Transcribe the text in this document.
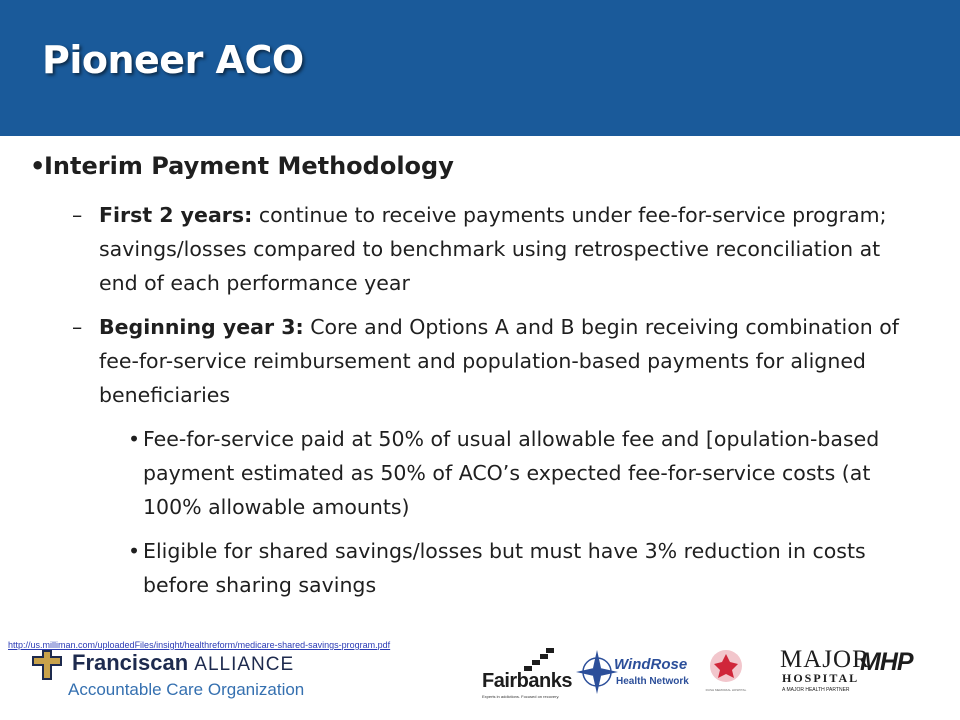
Pioneer ACO
•Interim Payment Methodology
– First 2 years: continue to receive payments under fee-for-service program; savings/losses compared to benchmark using retrospective reconciliation at end of each performance year
– Beginning year 3: Core and Options A and B begin receiving combination of fee-for-service reimbursement and population-based payments for aligned beneficiaries
• Fee-for-service paid at 50% of usual allowable fee and [opulation-based payment estimated as 50% of ACO’s expected fee-for-service costs (at 100% allowable amounts)
• Eligible for shared savings/losses but must have 3% reduction in costs before sharing savings
http://us.milliman.com/uploadedFiles/insight/healthreform/medicare-shared-savings-program.pdf
Franciscan ALLIANCE
Accountable Care Organization	Fairbanks
Experts in addictions. Focused on recovery.
WindRose
Health Network
RUSH MEMORIAL HOSPITAL
MAJOR
HOSPITAL
A MAJOR HEALTH PARTNER
MHP
